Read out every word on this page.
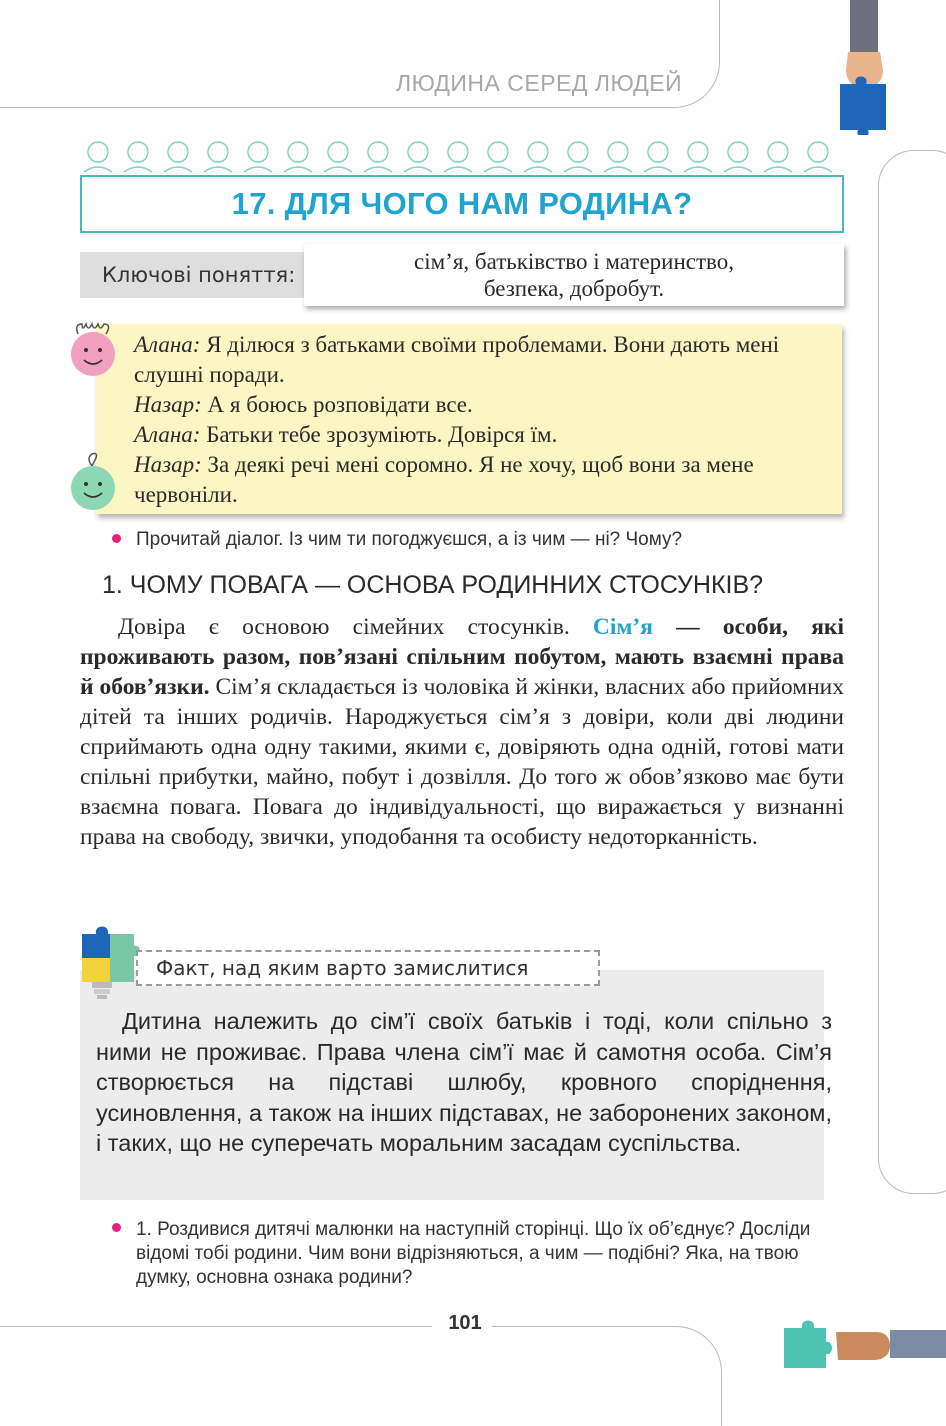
ЛЮДИНА СЕРЕД ЛЮДЕЙ
17. ДЛЯ ЧОГО НАМ РОДИНА?
Ключові поняття:
сім’я, батьківство і материнство,
безпека, добробут.

Алана: Я ділюся з батьками своїми проблемами. Вони дають мені слушні поради.

Назар: А я боюсь розповідати все.

Алана: Батьки тебе зрозуміють. Довірся їм.

Назар: За деякі речі мені соромно. Я не хочу, щоб вони за мене червоніли.

Прочитай діалог. Із чим ти погоджуєшся, а із чим — ні? Чому?
1. ЧОМУ ПОВАГА — ОСНОВА РОДИННИХ СТОСУНКІВ?

Довіра є основою сімейних стосунків. Сім’я — особи, які проживають разом, пов’язані спільним побутом, мають взаємні права й обов’язки. Сім’я складається із чоловіка й жінки, власних або прийомних дітей та інших родичів. Народжується сім’я з довіри, коли дві людини сприймають одна одну такими, якими є, довіряють одна одній, готові мати спільні прибутки, майно, побут і дозвілля. До того ж обов’язково має бути взаємна повага. Повага до індивідуальності, що виражається у визнанні права на свободу, звички, уподобання та особисту недоторканність.

Факт, над яким варто замислитися

Дитина належить до сім’ї своїх батьків і тоді, коли спільно з ними не проживає. Права члена сім’ї має й самотня особа. Сім’я створюється на підставі шлюбу, кровного споріднення, усиновлення, а також на інших підставах, не заборонених законом, і таких, що не суперечать моральним засадам суспільства.

1. Роздивися дитячі малюнки на наступній сторінці. Що їх об’єднує? Досліди відомі тобі родини. Чим вони відрізняються, а чим — подібні? Яка, на твою думку, основна ознака родини?
101
